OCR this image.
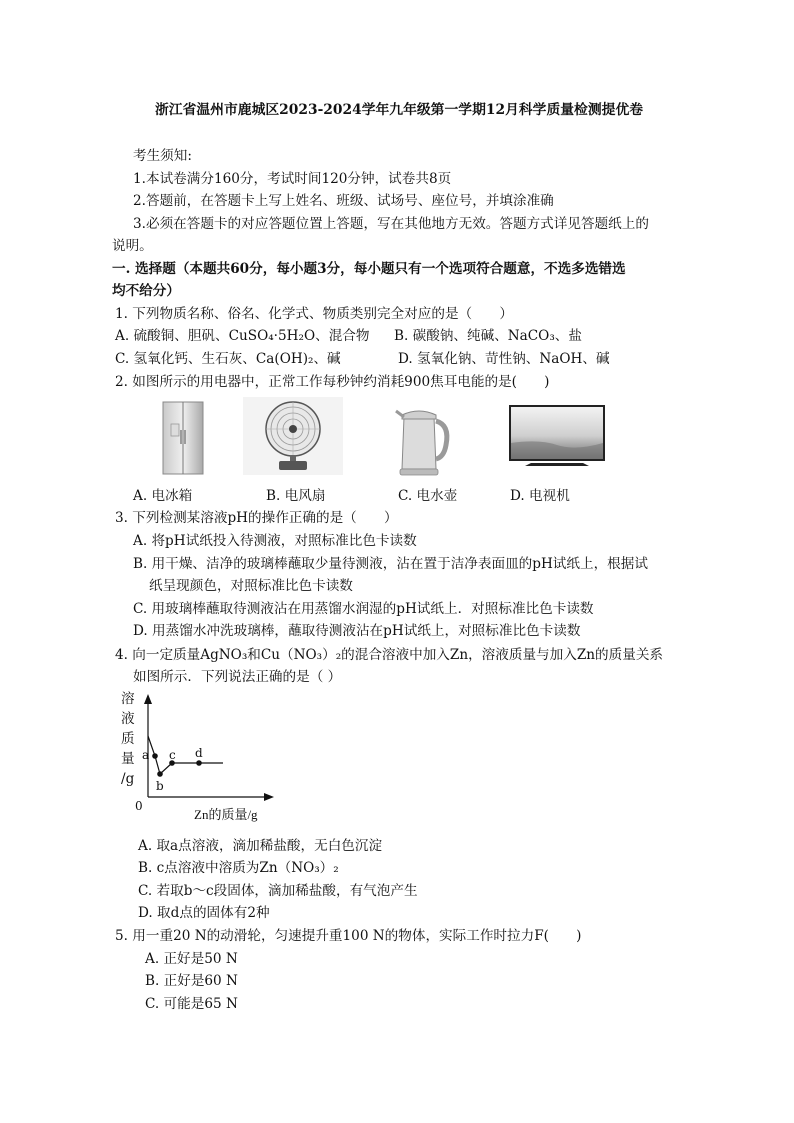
浙江省温州市鹿城区2023-2024学年九年级第一学期12月科学质量检测提优卷
考生须知:
1.本试卷满分160分，考试时间120分钟，试卷共8页
2.答题前，在答题卡上写上姓名、班级、试场号、座位号，并填涂准确
3.必须在答题卡的对应答题位置上答题，写在其他地方无效。答题方式详见答题纸上的
说明。
一. 选择题（本题共60分，每小题3分，每小题只有一个选项符合题意，不选多选错选
均不给分）
1. 下列物质名称、俗名、化学式、物质类别完全对应的是（　　）
A. 硫酸铜、胆矾、CuSO₄·5H₂O、混合物 B. 碳酸钠、纯碱、NaCO₃、盐
C. 氢氧化钙、生石灰、Ca(OH)₂、碱	D. 氢氧化钠、苛性钠、NaOH、碱
2. 如图所示的用电器中，正常工作每秒钟约消耗900焦耳电能的是(　　)
A. 电冰箱	B. 电风扇	C. 电水壶	D. 电视机
3. 下列检测某溶液pH的操作正确的是（　　）
A. 将pH试纸投入待测液，对照标准比色卡读数
B. 用干燥、洁净的玻璃棒蘸取少量待测液，沾在置于洁净表面皿的pH试纸上，根据试
纸呈现颜色，对照标准比色卡读数
C. 用玻璃棒蘸取待测液沾在用蒸馏水润湿的pH试纸上．对照标准比色卡读数
D. 用蒸馏水冲洗玻璃棒，蘸取待测液沾在pH试纸上，对照标准比色卡读数
4. 向一定质量AgNO₃和Cu（NO₃）₂的混合溶液中加入Zn，溶液质量与加入Zn的质量关系
如图所示．下列说法正确的是（ ）
溶
液
质
量
/g
a
b
c d
0
Zn的质量/g
A. 取a点溶液，滴加稀盐酸，无白色沉淀
B. c点溶液中溶质为Zn（NO₃）₂
C. 若取b～c段固体，滴加稀盐酸，有气泡产生
D. 取d点的固体有2种
5. 用一重20 N的动滑轮，匀速提升重100 N的物体，实际工作时拉力F(　　)
A. 正好是50 N
B. 正好是60 N
C. 可能是65 N
